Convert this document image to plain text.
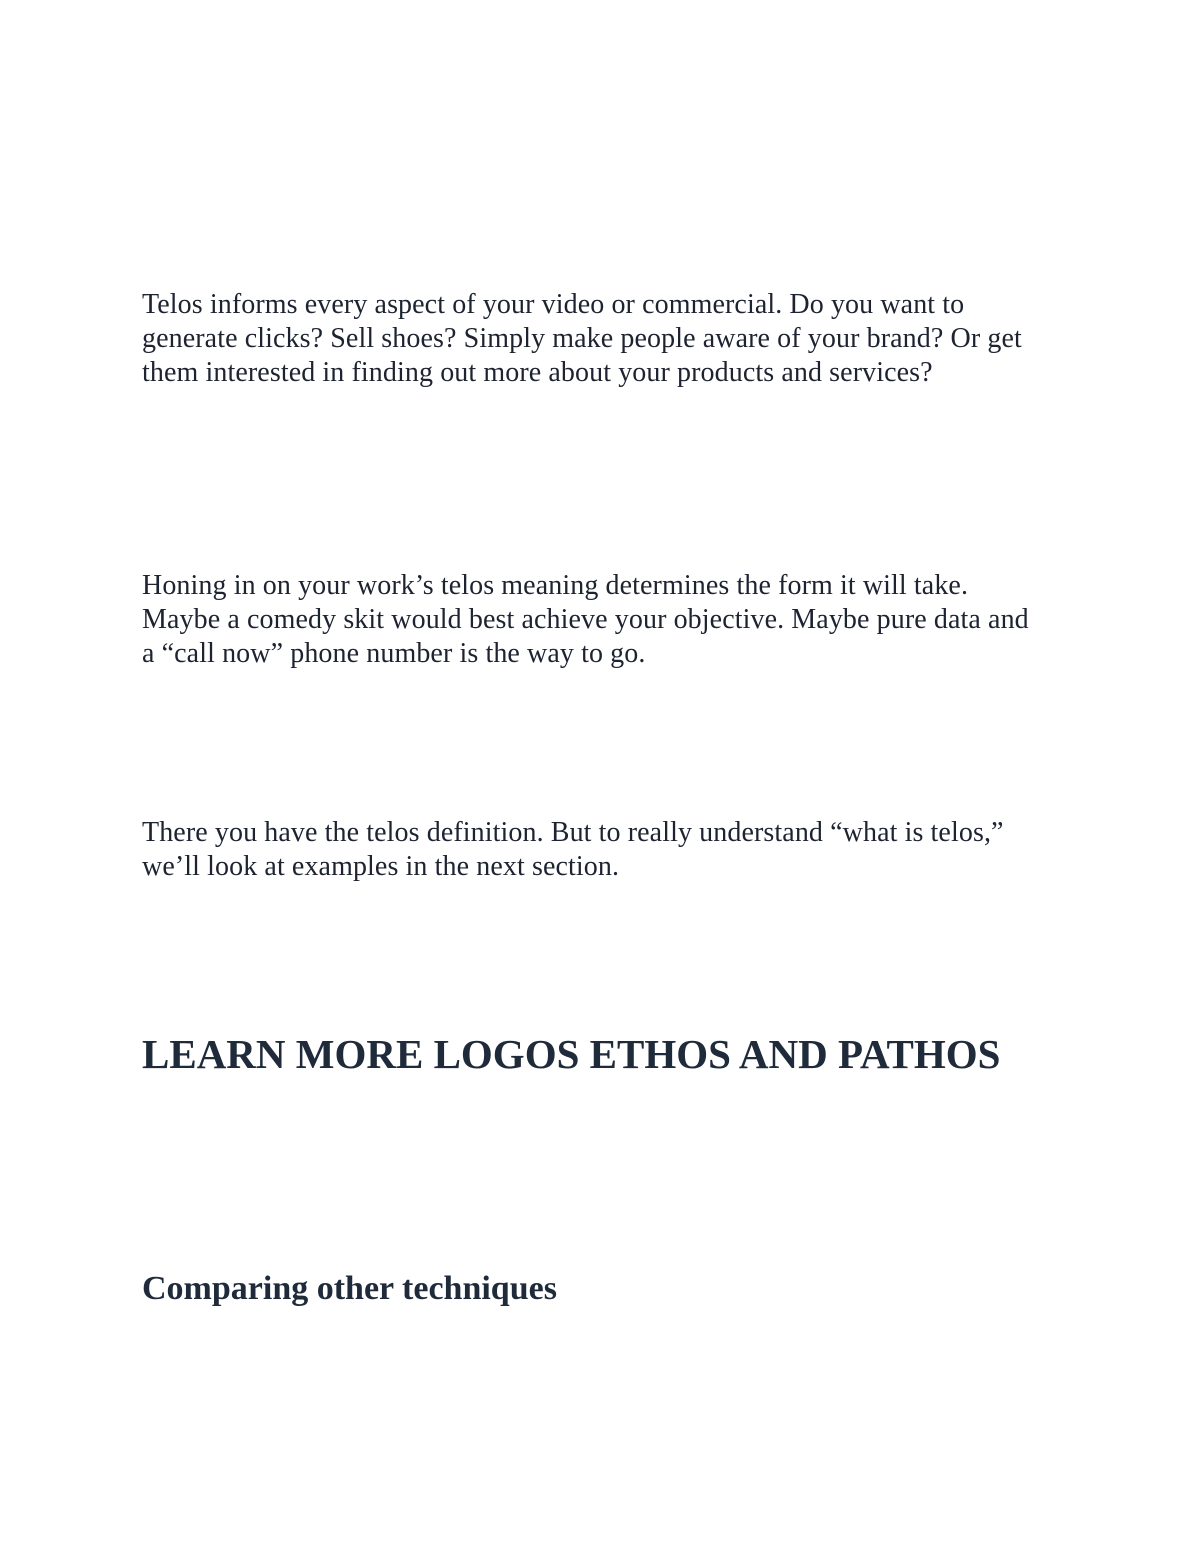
Telos informs every aspect of your video or commercial. Do you want to generate clicks? Sell shoes? Simply make people aware of your brand? Or get them interested in finding out more about your products and services?

Honing in on your work’s telos meaning determines the form it will take. Maybe a comedy skit would best achieve your objective. Maybe pure data and a “call now” phone number is the way to go.

There you have the telos definition. But to really understand “what is telos,” we’ll look at examples in the next section.

LEARN MORE LOGOS ETHOS AND PATHOS
Comparing other techniques
